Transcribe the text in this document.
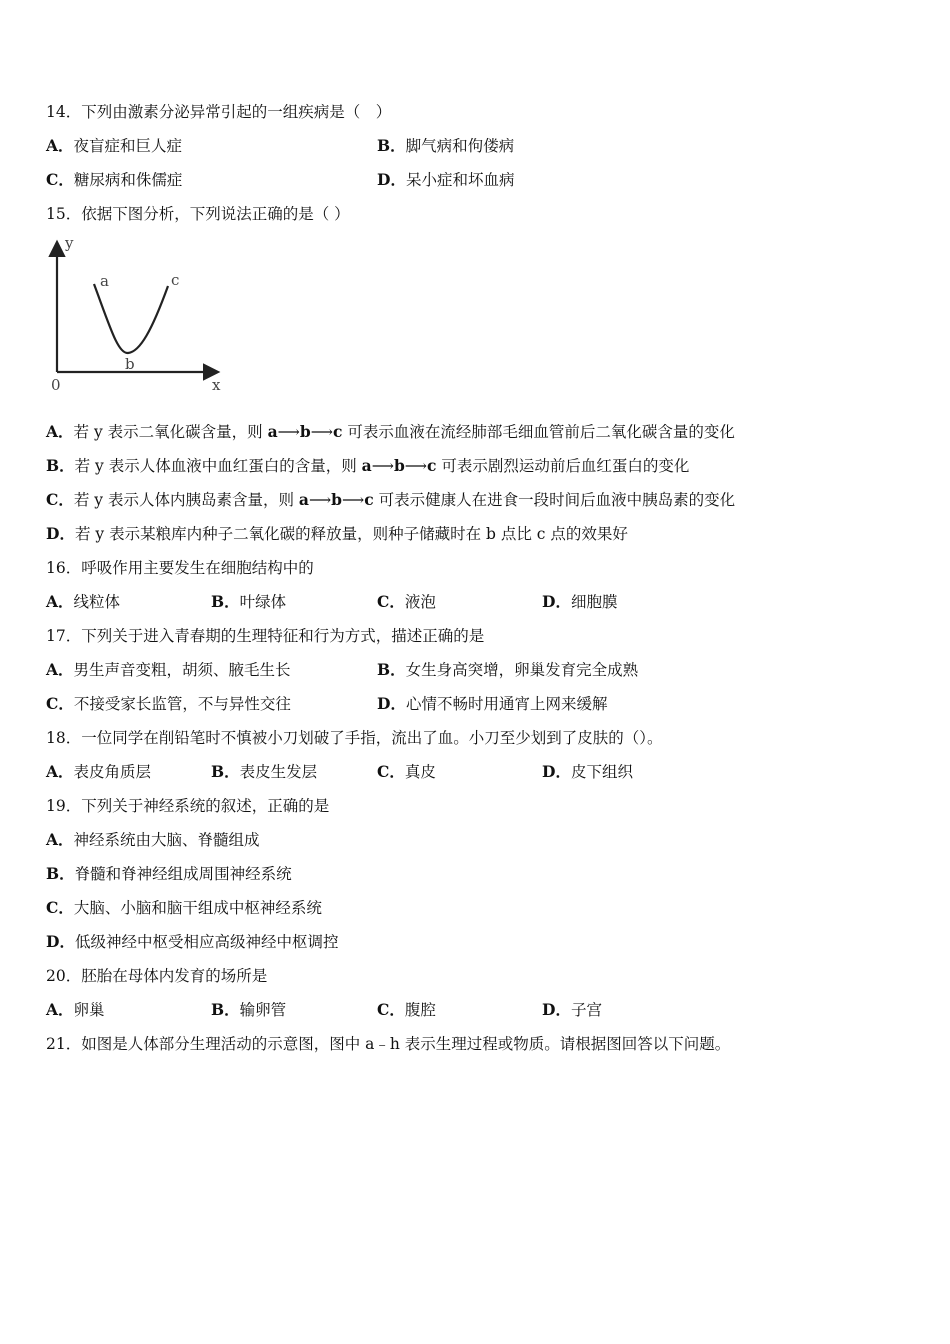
14．下列由激素分泌异常引起的一组疾病是（　）
A．夜盲症和巨人症	B．脚气病和佝偻病
C．糖尿病和侏儒症	D．呆小症和坏血病
15．依据下图分析，下列说法正确的是（ ）
y
x
0
a
b
c
A．若 y 表示二氧化碳含量，则 a⟶b⟶c 可表示血液在流经肺部毛细血管前后二氧化碳含量的变化
B．若 y 表示人体血液中血红蛋白的含量，则 a⟶b⟶c 可表示剧烈运动前后血红蛋白的变化
C．若 y 表示人体内胰岛素含量，则 a⟶b⟶c 可表示健康人在进食一段时间后血液中胰岛素的变化
D．若 y 表示某粮库内种子二氧化碳的释放量，则种子储藏时在 b 点比 c 点的效果好
16．呼吸作用主要发生在细胞结构中的
A．线粒体	B．叶绿体	C．液泡	D．细胞膜
17．下列关于进入青春期的生理特征和行为方式，描述正确的是
A．男生声音变粗，胡须、腋毛生长	B．女生身高突增，卵巢发育完全成熟
C．不接受家长监管，不与异性交往	D．心情不畅时用通宵上网来缓解
18．一位同学在削铅笔时不慎被小刀划破了手指，流出了血。小刀至少划到了皮肤的（）。
A．表皮角质层	B．表皮生发层	C．真皮	D．皮下组织
19．下列关于神经系统的叙述，正确的是
A．神经系统由大脑、脊髓组成
B．脊髓和脊神经组成周围神经系统
C．大脑、小脑和脑干组成中枢神经系统
D．低级神经中枢受相应高级神经中枢调控
20．胚胎在母体内发育的场所是
A．卵巢	B．输卵管	C．腹腔	D．子宫
21．如图是人体部分生理活动的示意图，图中 a﹣h 表示生理过程或物质。请根据图回答以下问题。
